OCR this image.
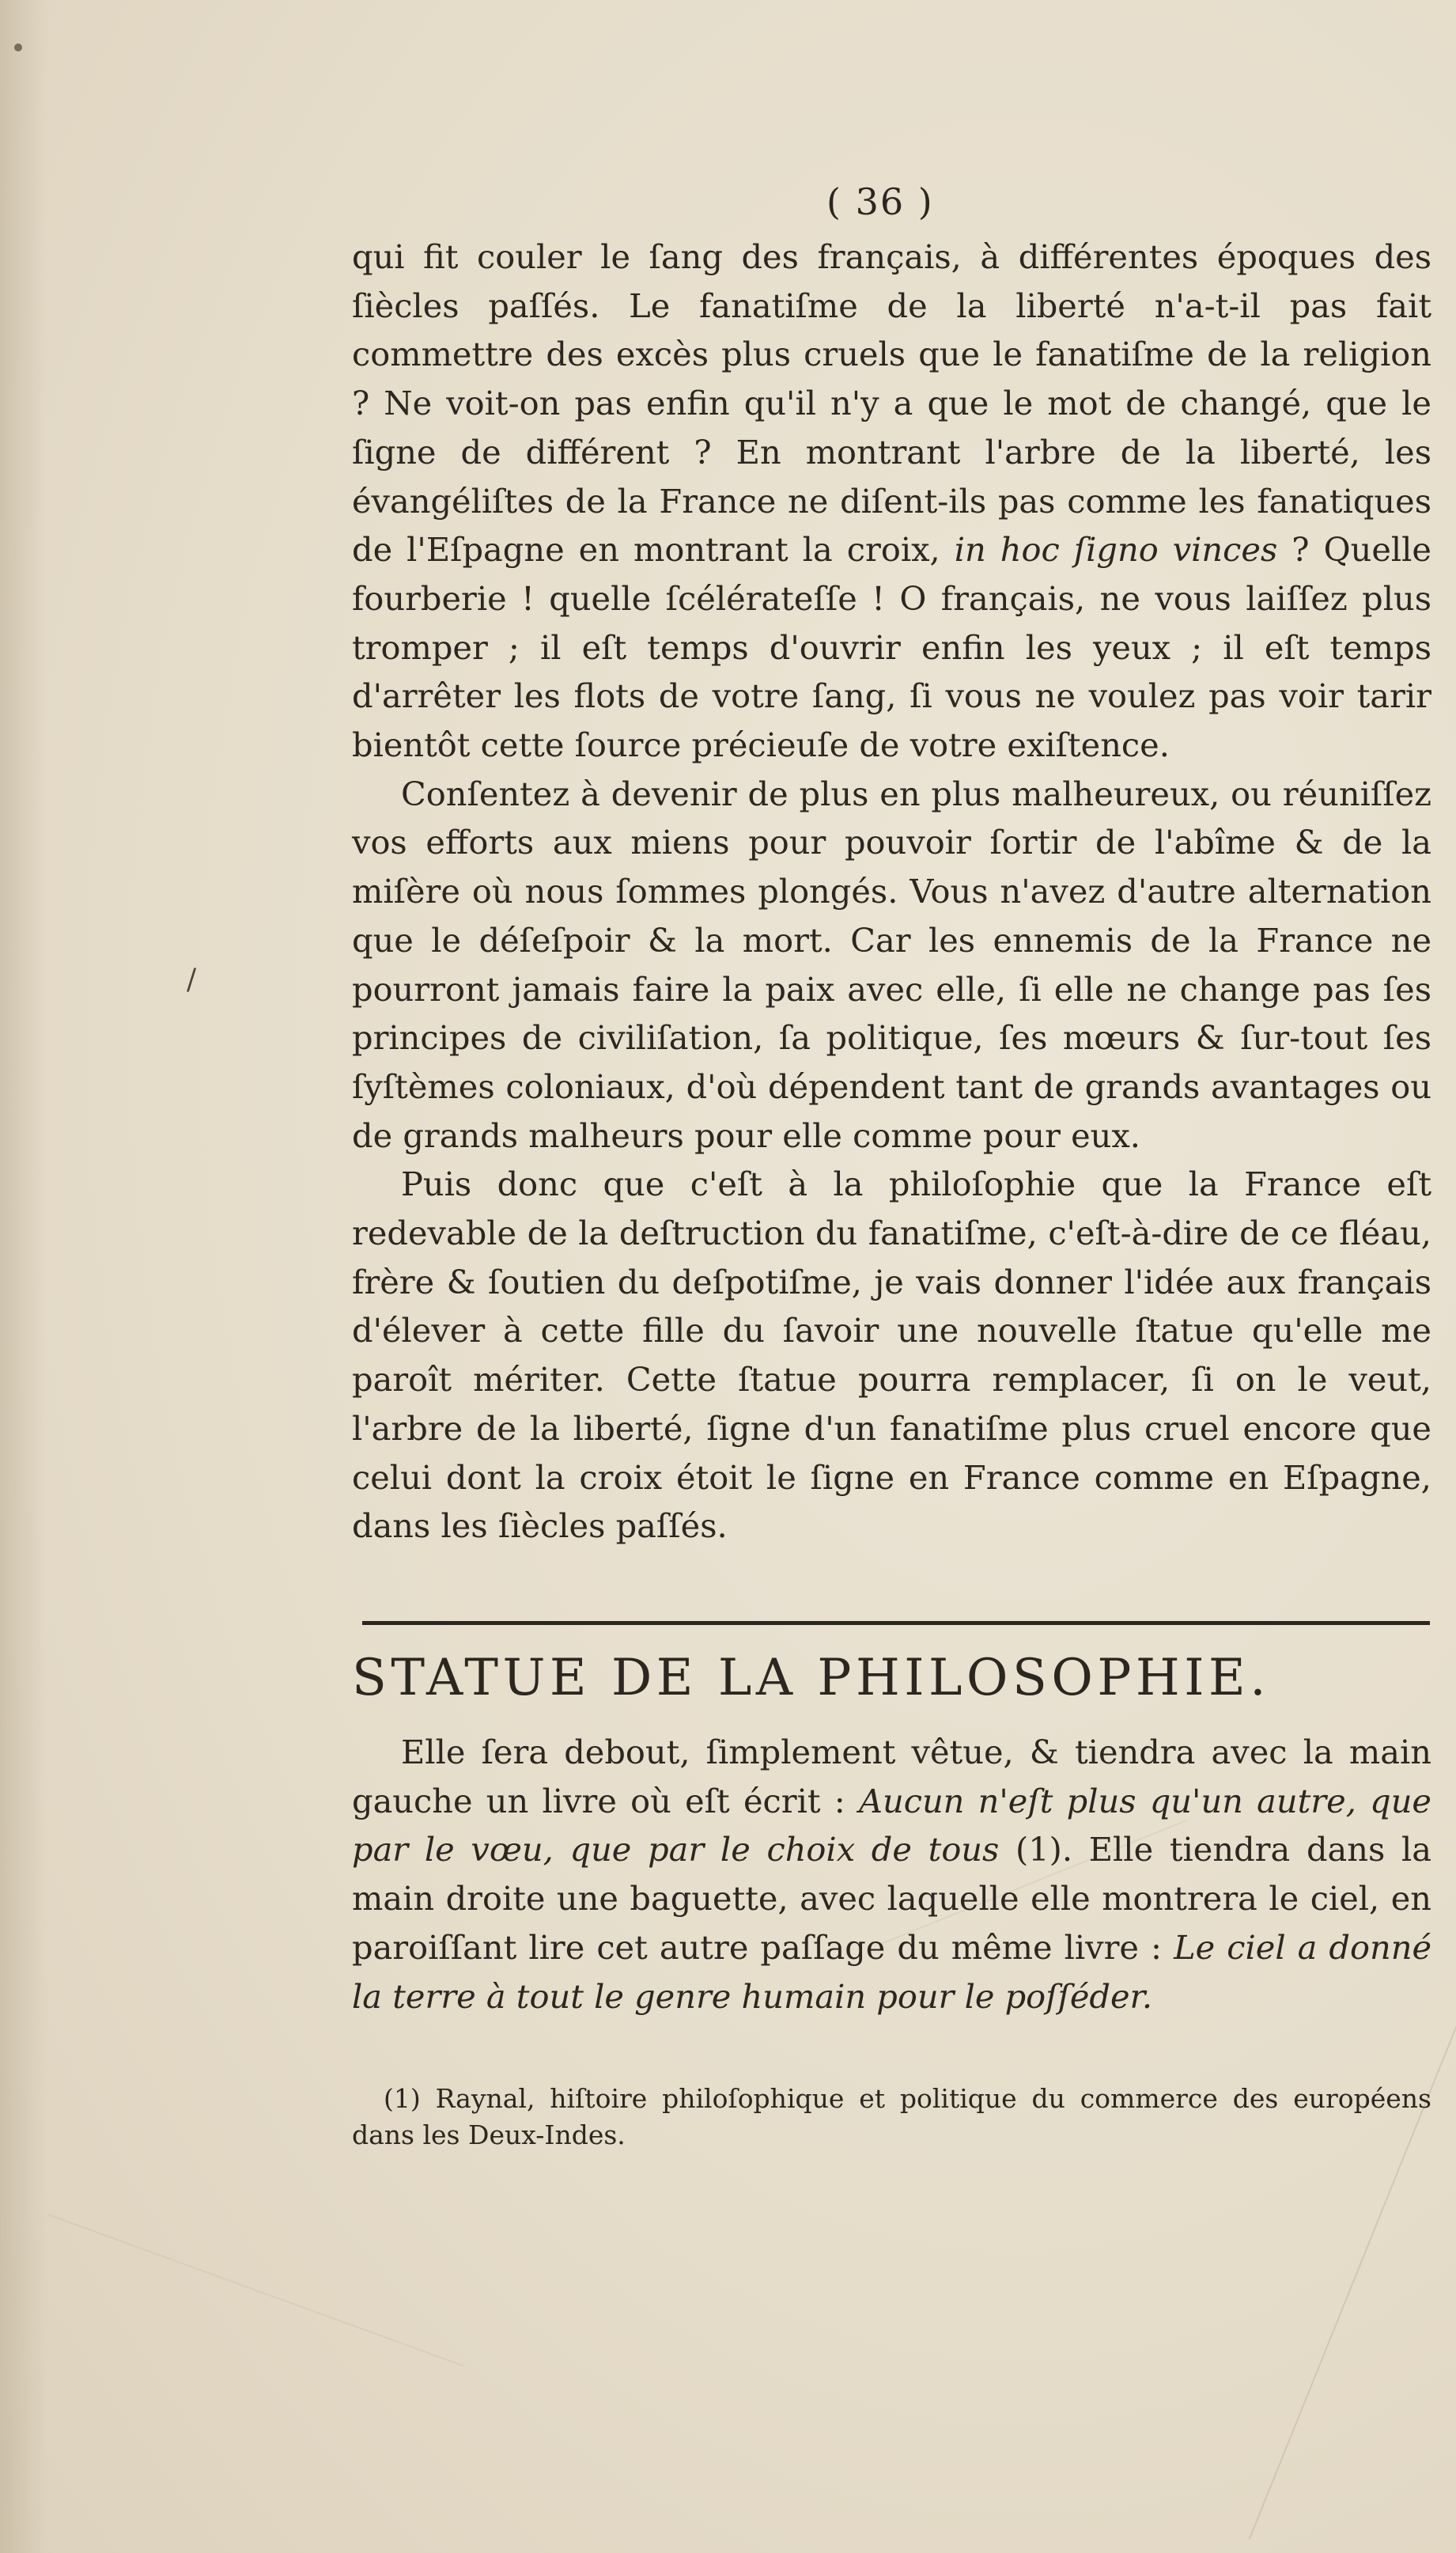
/
( 36 )

qui fit couler le ſang des français, à différentes époques des ſiècles paſſés. Le fanatiſme de la liberté n'a-t-il pas fait commettre des excès plus cruels que le fanatiſme de la religion ? Ne voit-on pas enfin qu'il n'y a que le mot de changé, que le ſigne de différent ? En montrant l'arbre de la liberté, les évangéliſtes de la France ne diſent-ils pas comme les fanatiques de l'Eſpagne en montrant la croix, in hoc ſigno vinces ? Quelle fourberie ! quelle ſcélérateſſe ! O français, ne vous laiſſez plus tromper ; il eſt temps d'ouvrir enfin les yeux ; il eſt temps d'arrêter les flots de votre ſang, ſi vous ne voulez pas voir tarir bientôt cette ſource précieuſe de votre exiſtence.

Conſentez à devenir de plus en plus malheureux, ou réuniſſez vos efforts aux miens pour pouvoir ſortir de l'abîme & de la miſère où nous ſommes plongés. Vous n'avez d'autre alternation que le déſeſpoir & la mort. Car les ennemis de la France ne pourront jamais faire la paix avec elle, ſi elle ne change pas ſes principes de civiliſation, ſa politique, ſes mœurs & ſur-tout ſes ſyſtèmes coloniaux, d'où dépendent tant de grands avantages ou de grands malheurs pour elle comme pour eux.

Puis donc que c'eſt à la philoſophie que la France eſt redevable de la deſtruction du fanatiſme, c'eſt-à-dire de ce fléau, frère & ſoutien du deſpotiſme, je vais donner l'idée aux français d'élever à cette fille du ſavoir une nouvelle ſtatue qu'elle me paroît mériter. Cette ſtatue pourra remplacer, ſi on le veut, l'arbre de la liberté, ſigne d'un fanatiſme plus cruel encore que celui dont la croix étoit le ſigne en France comme en Eſpagne, dans les ſiècles paſſés.

STATUE DE LA PHILOSOPHIE.

Elle ſera debout, ſimplement vêtue, & tiendra avec la main gauche un livre où eſt écrit : Aucun n'eſt plus qu'un autre, que par le vœu, que par le choix de tous (1). Elle tiendra dans la main droite une baguette, avec laquelle elle montrera le ciel, en paroiſſant lire cet autre paſſage du même livre : Le ciel a donné la terre à tout le genre humain pour le poſſéder.

(1) Raynal, hiſtoire philoſophique et politique du commerce des européens dans les Deux-Indes.
